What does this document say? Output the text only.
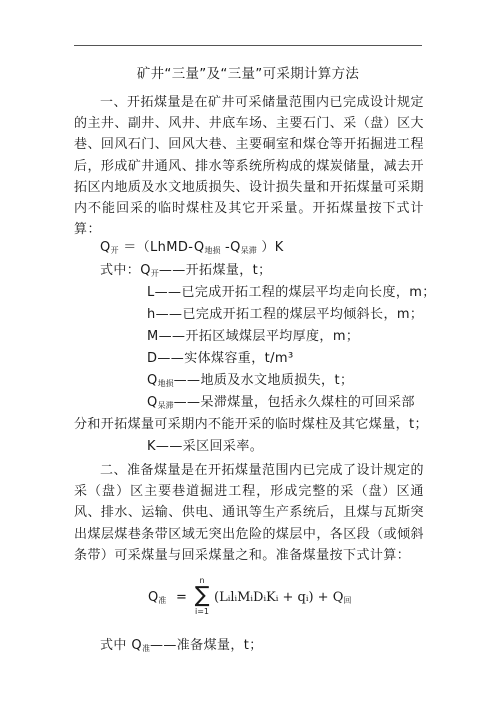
矿井“三量”及“三量”可采期计算方法
一、开拓煤量是在矿井可采储量范围内已完成设计规定的主井、副井、风井、井底车场、主要石门、采（盘）区大巷、回风石门、回风大巷、主要硐室和煤仓等开拓掘进工程后，形成矿井通风、排水等系统所构成的煤炭储量，减去开拓区内地质及水文地质损失、设计损失量和开拓煤量可采期内不能回采的临时煤柱及其它开采量。开拓煤量按下式计算：
$Q_开$ $=(LhMD-Q_{地损}$ $-Q_{呆滞}$ ）K
式中：$Q_开——$开拓煤量，t；
L——已完成开拓工程的煤层平均走向长度，m；
h——已完成开拓工程的煤层平均倾斜长，m；
M——开拓区域煤层平均厚度，m；
D——实体煤容重，t/m³
$Q_{地损}——$地质及水文地质损失，t；
$Q_{呆滞}——$呆滞煤量，包括永久煤柱的可回采部
分和开拓煤量可采期内不能开采的临时煤柱及其它煤量，t；
K——采区回采率。
二、准备煤量是在开拓煤量范围内已完成了设计规定的采（盘）区主要巷道掘进工程，形成完整的采（盘）区通风、排水、运输、供电、通讯等生产系统后，且煤与瓦斯突出煤层煤巷条带区域无突出危险的煤层中，各区段（或倾斜条带）可采煤量与回采煤量之和。准备煤量按下式计算：
$Q_准$ =
n
∑
i=1
(LᵢlᵢMᵢDᵢKᵢ + qᵢ) + $Q_回$
式中 $Q_准——$准备煤量，t；
